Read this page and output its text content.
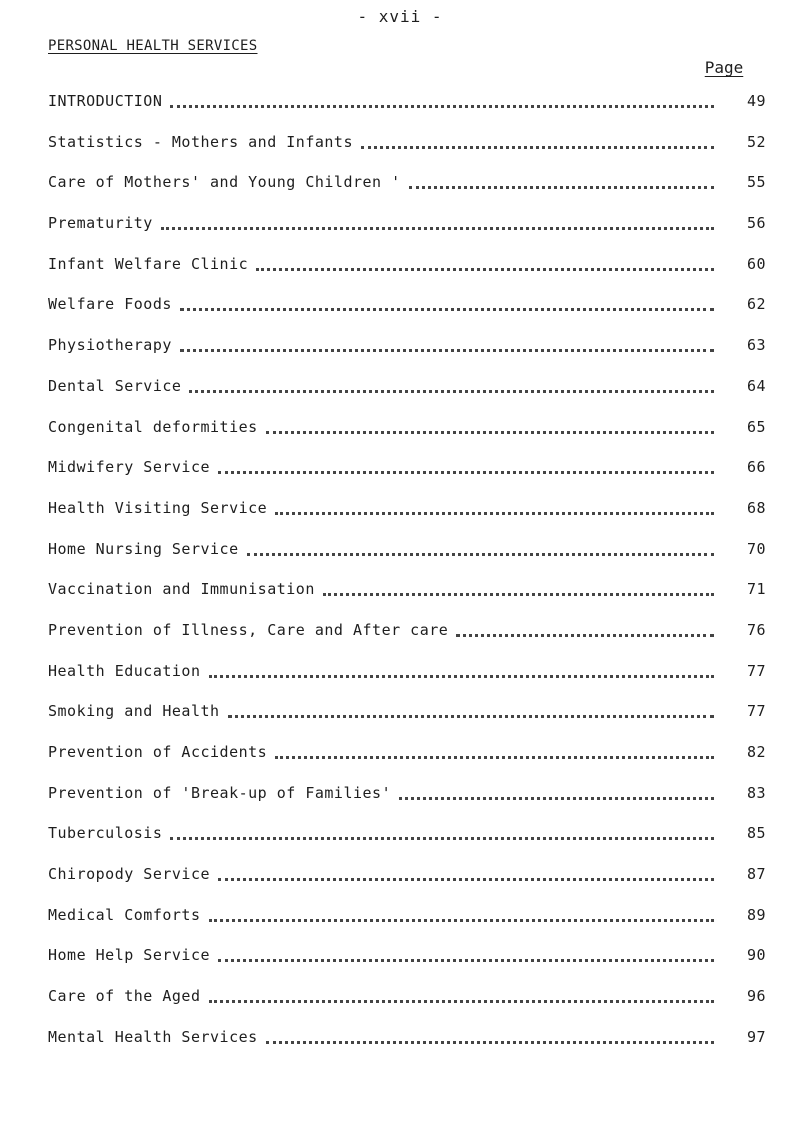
- xvii -
PERSONAL HEALTH SERVICES
Page
INTRODUCTION	49
Statistics - Mothers and Infants	52
Care of Mothers' and Young Children '	55
Prematurity	56
Infant Welfare Clinic	60
Welfare Foods	62
Physiotherapy	63
Dental Service	64
Congenital deformities	65
Midwifery Service	66
Health Visiting Service	68
Home Nursing Service	70
Vaccination and Immunisation	71
Prevention of Illness, Care and After care	76
Health Education	77
Smoking and Health	77
Prevention of Accidents	82
Prevention of 'Break-up of Families'	83
Tuberculosis	85
Chiropody Service	87
Medical Comforts	89
Home Help Service	90
Care of the Aged	96
Mental Health Services	97
